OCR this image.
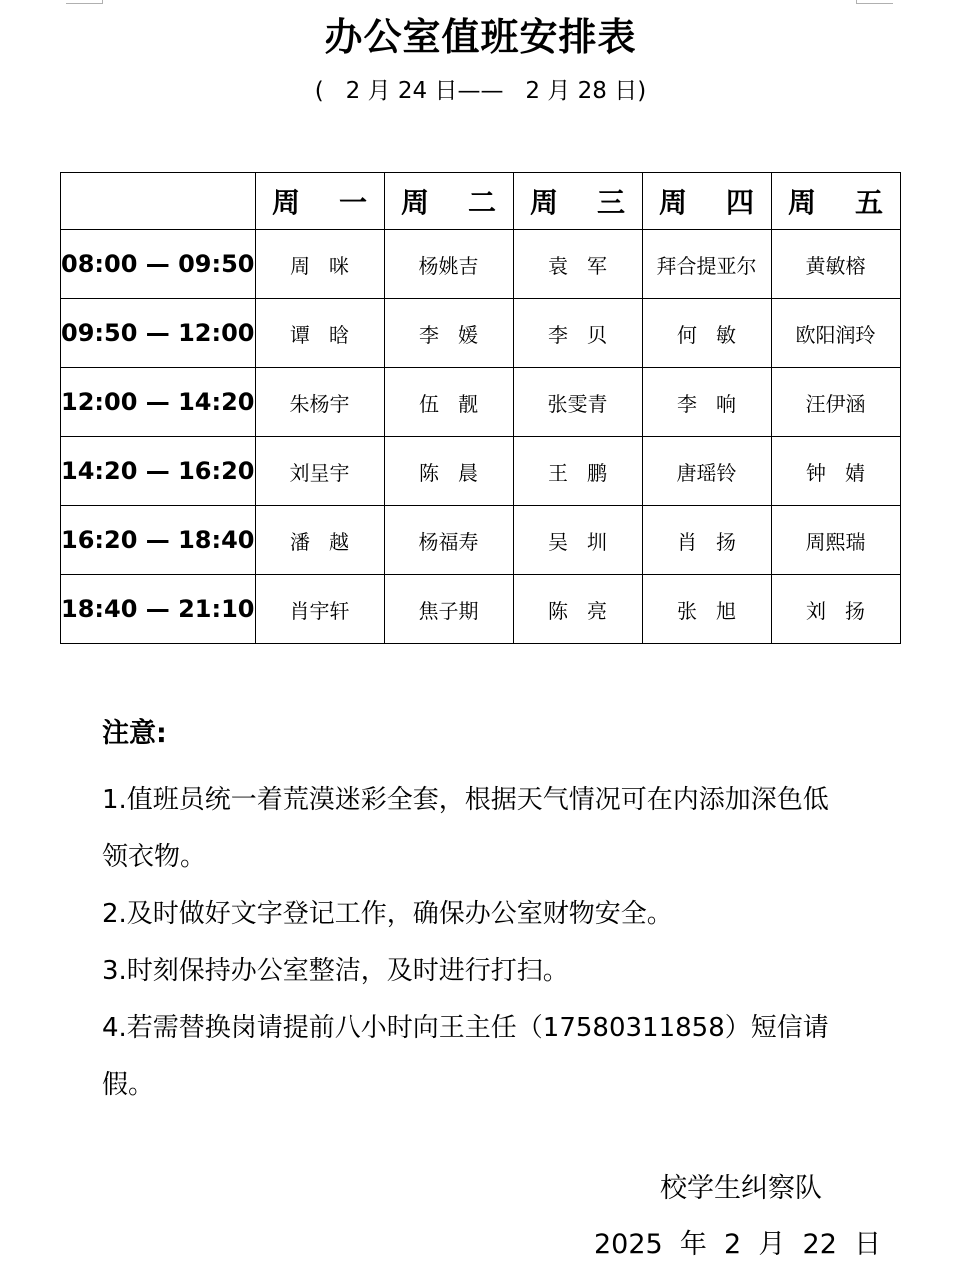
办公室值班安排表
(   2 月 24 日——   2 月 28 日)
	周    一	周    二	周    三	周    四	周    五
08:00 — 09:50	周   咪	杨姚吉	袁   军	拜合提亚尔	黄敏榕
09:50 — 12:00	谭   晗	李   媛	李   贝	何   敏	欧阳润玲
12:00 — 14:20	朱杨宇	伍   靓	张雯青	李   响	汪伊涵
14:20 — 16:20	刘呈宇	陈   晨	王   鹏	唐瑶铃	钟   婧
16:20 — 18:40	潘   越	杨福寿	吴   圳	肖   扬	周熙瑞
18:40 — 21:10	肖宇轩	焦子期	陈   亮	张   旭	刘   扬
注意:
1.值班员统一着荒漠迷彩全套，根据天气情况可在内添加深色低
领衣物。
2.及时做好文字登记工作，确保办公室财物安全。
3.时刻保持办公室整洁，及时进行打扫。
4.若需替换岗请提前八小时向王主任（17580311858）短信请假。
校学生纠察队
2025  年  2  月  22  日
